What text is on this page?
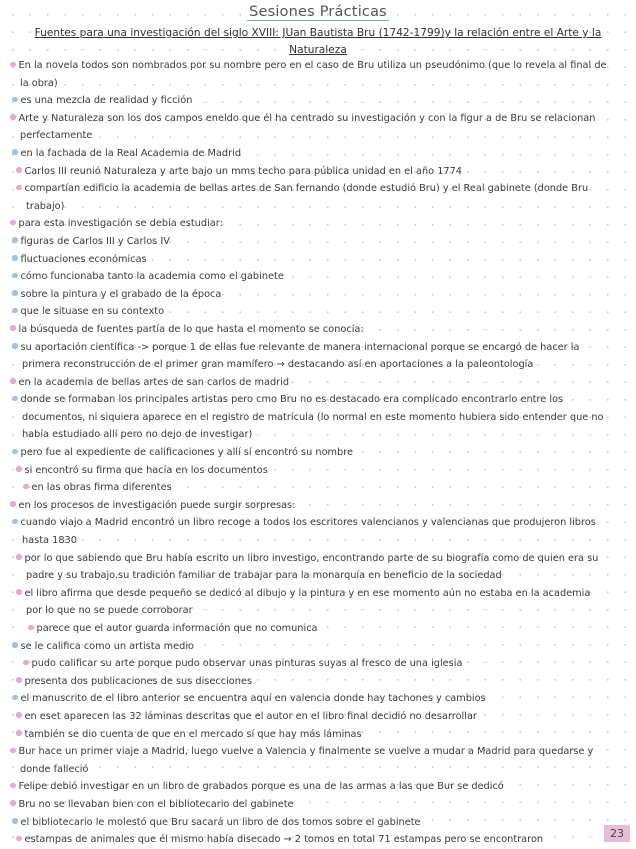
Sesiones Prácticas
Fuentes para una investigación del siglo XVIII: JUan Bautista Bru (1742-1799)y la relación entre el Arte y la Naturaleza

En la novela todos son nombrados por su nombre pero en el caso de Bru utiliza un pseudónimo (que lo revela al final de la obra)

es una mezcla de realidad y ficción

Arte y Naturaleza son los dos campos eneldo que él ha centrado su investigación y con la figur a de Bru se relacionan perfectamente

en la fachada de la Real Academia de Madrid

Carlos III reunió Naturaleza y arte bajo un mms techo para pública unidad en el año 1774

compartían edificio la academia de bellas artes de San fernando (donde estudió Bru) y el Real gabinete (donde Bru trabajo)

para esta investigación se debía estudiar:

figuras de Carlos III y Carlos IV

fluctuaciones económicas

cómo funcionaba tanto la academia como el gabinete

sobre la pintura y el grabado de la época

que le situase en su contexto

la búsqueda de fuentes partía de lo que hasta el momento se conocía:

su aportación científica -> porque 1 de ellas fue relevante de manera internacional porque se encargó de hacer la primera reconstrucción de el primer gran mamífero → destacando así en aportaciones a la paleontología

en la academia de bellas artes de san carlos de madrid

donde se formaban los principales artistas pero cmo Bru no es destacado era complicado encontrarlo entre los documentos, ni siquiera aparece en el registro de matrícula (lo normal en este momento hubiera sido entender que no había estudiado allí pero no dejo de investigar)

pero fue al expediente de calificaciones y allí sí encontró su nombre

si encontró su firma que hacía en los documentos

en las obras firma diferentes

en los procesos de investigación puede surgir sorpresas:

cuando viajo a Madrid encontró un libro recoge a todos los escritores valencianos y valencianas que produjeron libros hasta 1830

por lo que sabiendo que Bru había escrito un libro investigo, encontrando parte de su biografía como de quien era su padre y su trabajo.su tradición familiar de trabajar para la monarquía en beneficio de la sociedad

el libro afirma que desde pequeño se dedicó al dibujo y la pintura y en ese momento aún no estaba en la academia por lo que no se puede corroborar

parece que el autor guarda información que no comunica

se le califica como un artista medio

pudo calificar su arte porque pudo observar unas pinturas suyas al fresco de una iglesia

presenta dos publicaciones de sus disecciones

el manuscrito de el libro anterior se encuentra aquí en valencia donde hay tachones y cambios

en eset aparecen las 32 láminas descritas que el autor en el libro final decidió no desarrollar

también se dio cuenta de que en el mercado sí que hay más láminas

Bur hace un primer viaje a Madrid, luego vuelve a Valencia y finalmente se vuelve a mudar a Madrid para quedarse y donde falleció

Felipe debió investigar en un libro de grabados porque es una de las armas a las que Bur se dedicó

Bru no se llevaban bien con el bibliotecario del gabinete

el bibliotecario le molestó que Bru sacará un libro de dos tomos sobre el gabinete

estampas de animales que él mismo había disecado → 2 tomos en total 71 estampas pero se encontraron	23
